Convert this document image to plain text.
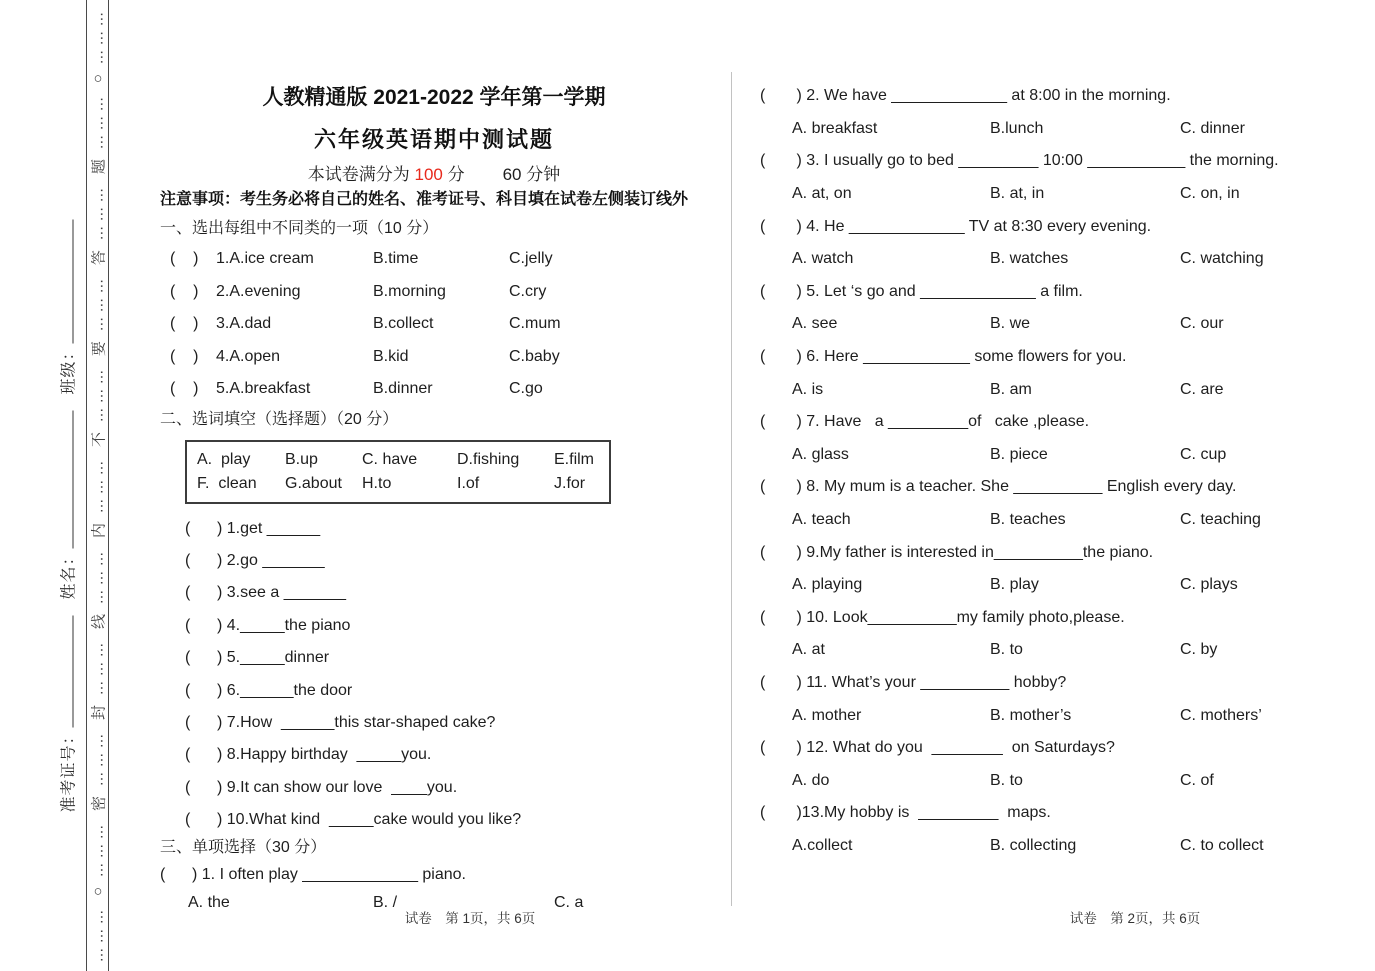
准考证号：
姓名：
班级：
………
○
………
密
………
封
………
线
………
内
………
不
………
要
………
答
………
题
………
○
………
人教精通版 2021-2022 学年第一学期
六年级英语期中测试题
本试卷满分为 100 分 60 分钟
注意事项：考生务必将自己的姓名、准考证号、科目填在试卷左侧装订线外
一、选出每组中不同类的一项（10 分）
(    )	1.A.ice cream	B.time	C.jelly
(    )	2.A.evening	B.morning	C.cry
(    )	3.A.dad	B.collect	C.mum
(    )	4.A.open	B.kid	C.baby
(    )	5.A.breakfast	B.dinner	C.go
二、选词填空（选择题）（20 分）
A.  play	B.up	C. have	D.fishing	E.film
F.  clean	G.about	H.to	I.of	J.for
(      ) 1.get ______
(      ) 2.go _______
(      ) 3.see a _______
(      ) 4._____the piano
(      ) 5._____dinner
(      ) 6.______the door
(      ) 7.How  ______this star-shaped cake?
(      ) 8.Happy birthday  _____you.
(      ) 9.It can show our love  ____you.
(      ) 10.What kind  _____cake would you like?
三、单项选择（30 分）
(      ) 1. I often play _____________ piano.
A. the	B. /	C. a
(       ) 2. We have _____________ at 8:00 in the morning.
A. breakfast	B.lunch	C. dinner
(       ) 3. I usually go to bed _________ 10:00 ___________ the morning.
A. at, on	B. at, in	C. on, in
(       ) 4. He _____________ TV at 8:30 every evening.
A. watch	B. watches	C. watching
(       ) 5. Let ‘s go and _____________ a film.
A. see	B. we	C. our
(       ) 6. Here ____________ some flowers for you.
A. is	B. am	C. are
(       ) 7. Have   a _________of   cake ,please.
A. glass	B. piece	C. cup
(       ) 8. My mum is a teacher. She __________ English every day.
A. teach	B. teaches	C. teaching
(       ) 9.My father is interested in__________the piano.
A. playing	B. play	C. plays
(       ) 10. Look__________my family photo,please.
A. at	B. to	C. by
(       ) 11. What’s your __________ hobby?
A. mother	B. mother’s	C. mothers’
(       ) 12. What do you  ________  on Saturdays?
A. do	B. to	C. of
(       )13.My hobby is  _________  maps.
A.collect	B. collecting	C. to collect
试卷　第 1页，共 6页	试卷　第 2页，共 6页
